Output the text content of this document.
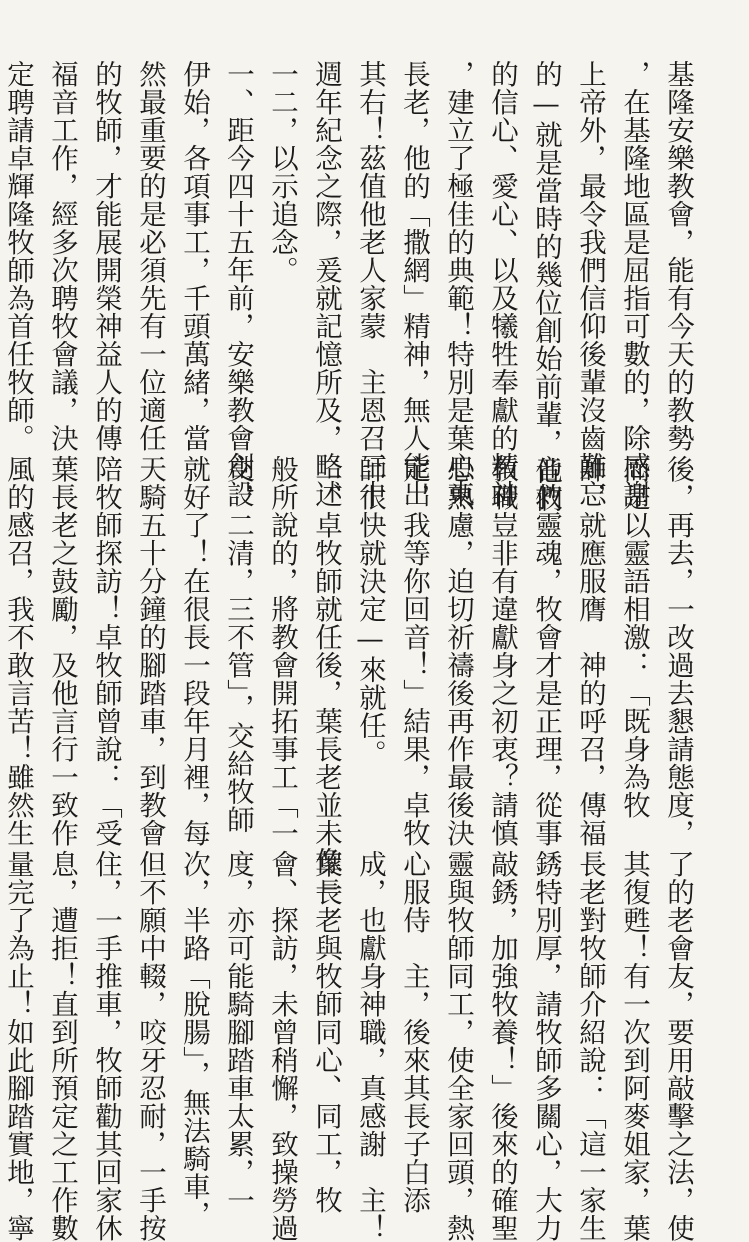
基隆安樂教會，能有今天的教勢
，在基隆地區是屈指可數的，除感謝
上帝外，最令我們信仰後輩沒齒難忘
的—就是當時的幾位創始前輩，他們
的信心、愛心、以及犧牲奉獻的精神
，建立了極佳的典範！特別是葉心東
長老，他的「撒網」精神，無人能出
其右！茲值他老人家蒙　主恩召三十
週年紀念之際，爰就記憶所及，略述
一二，以示追念。
一、距今四十五年前，安樂教會創設
伊始，各項事工，千頭萬緒，當
然最重要的是必須先有一位適任
的牧師，才能展開榮神益人的傳
福音工作，經多次聘牧會議，決
定聘請卓輝隆牧師為首任牧師。
後，再去，一改過去懇請態度，
而是以靈語相激：「既身為牧
師，就應服膺　神的呼召，傳福
音救靈魂，牧會才是正理，從事
教職豈非有違獻身之初衷？請慎
思熟慮，迫切祈禱後再作最後決
定，我等你回音！」結果，卓牧
師很快就決定—來就任。
二、卓牧師就任後，葉長老並未像一
般所說的，將教會開拓事工「一
交，二清，三不管」，交給牧師
就好了！在很長一段年月裡，每
天騎五十分鐘的腳踏車，到教會
陪牧師探訪！卓牧師曾說：「受
葉長老之鼓勵，及他言行一致作
風的感召，我不敢言苦！雖然生
了的老會友，要用敲擊之法，使
其復甦！有一次到阿麥姐家，葉
長老對牧師介紹說：「這一家生
銹特別厚，請牧師多關心，大力
敲銹，加強牧養！」後來的確聖
靈與牧師同工，使全家回頭，熱
心服侍　主，後來其長子白添
成，也獻身神職，真感謝　主！
葉長老與牧師同心、同工，牧
會、探訪，未曾稍懈，致操勞過
度，亦可能騎腳踏車太累，一
次，半路「脫腸」，無法騎車，
但不願中輟，咬牙忍耐，一手按
住，一手推車，牧師勸其回家休
息，遭拒！直到所預定之工作數
量完了為止！如此腳踏實地，寧
